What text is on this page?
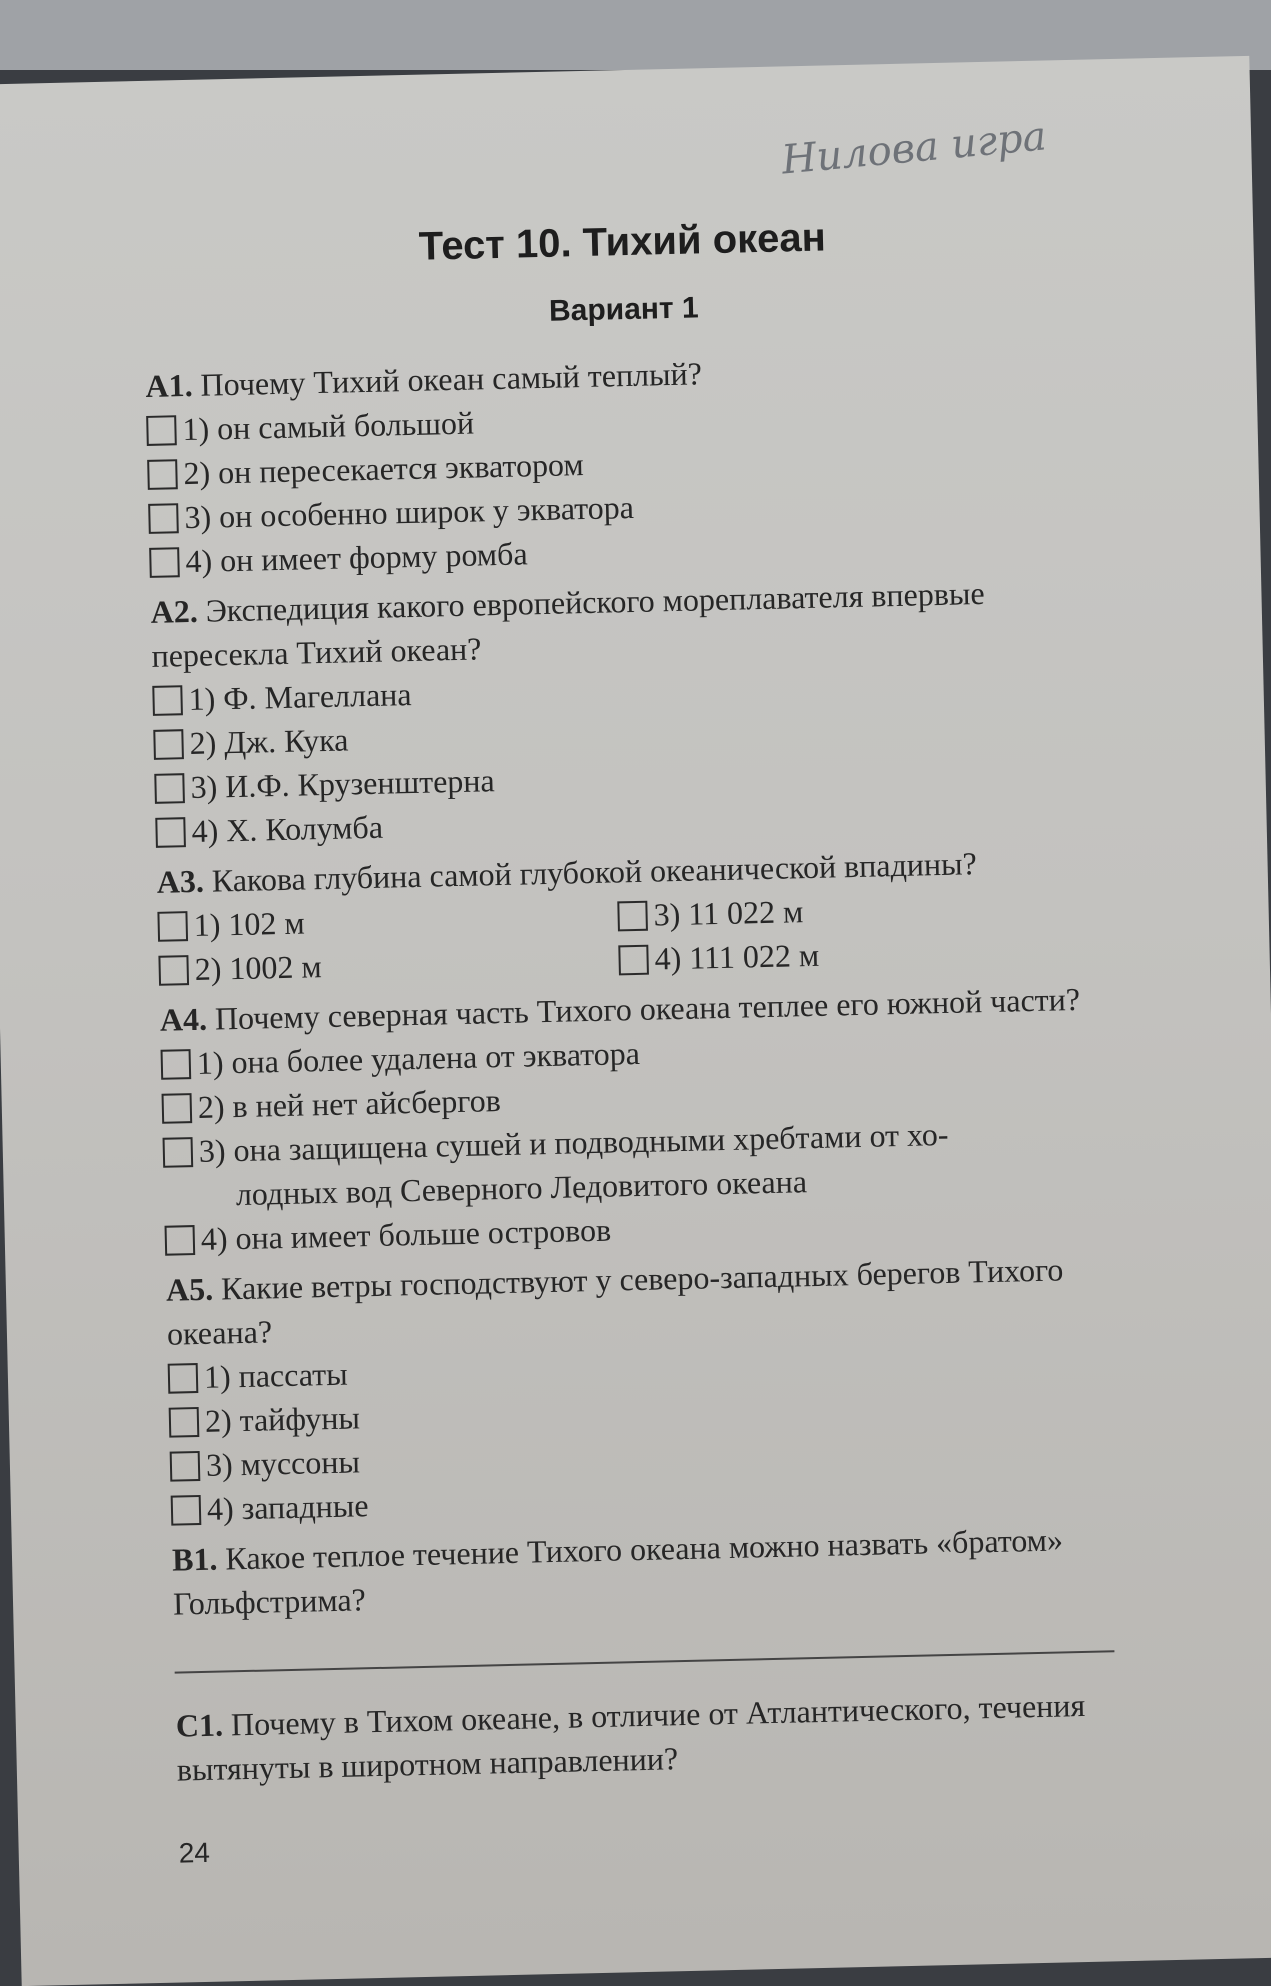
Нилова игра
Тест 10. Тихий океан
Вариант 1
A1. Почему Тихий океан самый теплый?
1) он самый большой
2) он пересекается экватором
3) он особенно широк у экватора
4) он имеет форму ромба
A2. Экспедиция какого европейского мореплавателя впервые пересекла Тихий океан?
1) Ф. Магеллана
2) Дж. Кука
3) И.Ф. Крузенштерна
4) Х. Колумба
A3. Какова глубина самой глубокой океанической впадины?
1) 102 м
2) 1002 м
3) 11 022 м
4) 111 022 м
A4. Почему северная часть Тихого океана теплее его южной части?
1) она более удалена от экватора
2) в ней нет айсбергов
3) она защищена сушей и подводными хребтами от хо-
лодных вод Северного Ледовитого океана
4) она имеет больше островов
A5. Какие ветры господствуют у северо-западных берегов Тихого океана?
1) пассаты
2) тайфуны
3) муссоны
4) западные
B1. Какое теплое течение Тихого океана можно назвать «братом» Гольфстрима?
C1. Почему в Тихом океане, в отличие от Атлантического, течения вытянуты в широтном направлении?
24
